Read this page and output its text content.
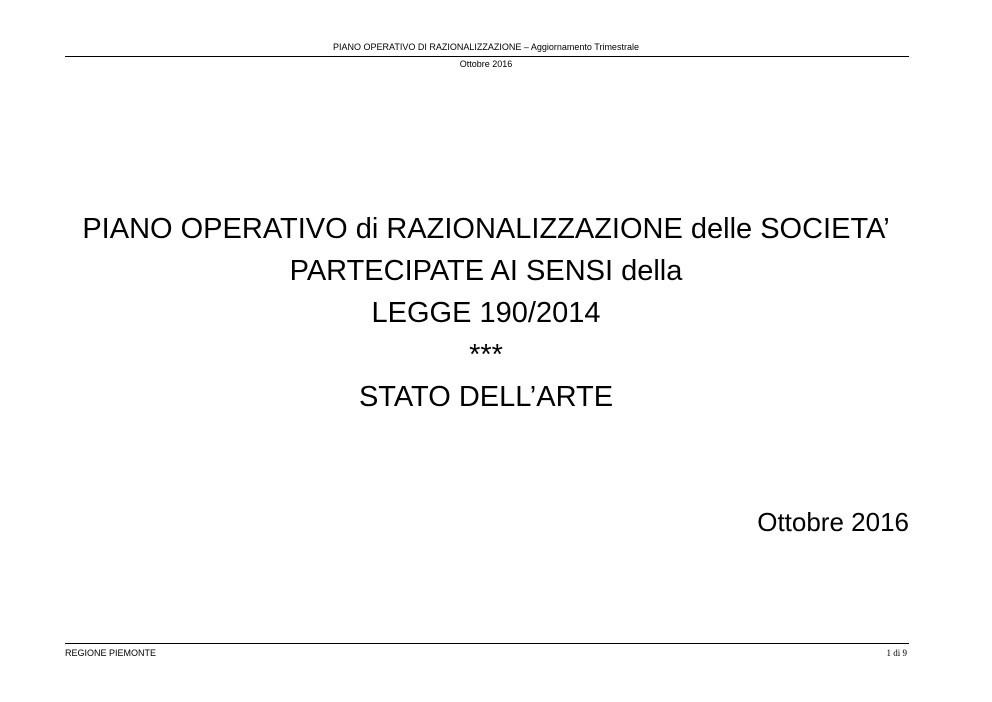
PIANO OPERATIVO DI RAZIONALIZZAZIONE – Aggiornamento Trimestrale
Ottobre 2016
PIANO OPERATIVO di RAZIONALIZZAZIONE delle SOCIETA’
PARTECIPATE AI SENSI della
LEGGE 190/2014
***
STATO DELL’ARTE
Ottobre 2016
REGIONE PIEMONTE	1 di 9
